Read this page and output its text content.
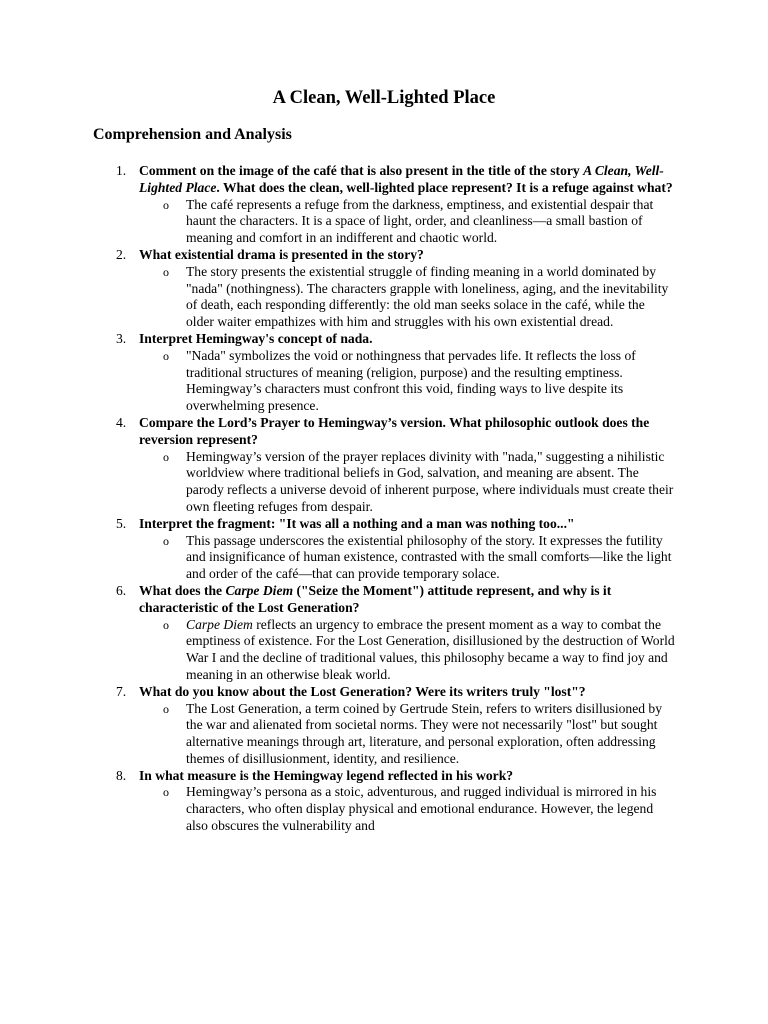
A Clean, Well-Lighted Place
Comprehension and Analysis
1. Comment on the image of the café that is also present in the title of the story A Clean, Well-Lighted Place. What does the clean, well-lighted place represent? It is a refuge against what?
o The café represents a refuge from the darkness, emptiness, and existential despair that haunt the characters. It is a space of light, order, and cleanliness—a small bastion of meaning and comfort in an indifferent and chaotic world.
2. What existential drama is presented in the story?
o The story presents the existential struggle of finding meaning in a world dominated by "nada" (nothingness). The characters grapple with loneliness, aging, and the inevitability of death, each responding differently: the old man seeks solace in the café, while the older waiter empathizes with him and struggles with his own existential dread.
3. Interpret Hemingway's concept of nada.
o "Nada" symbolizes the void or nothingness that pervades life. It reflects the loss of traditional structures of meaning (religion, purpose) and the resulting emptiness. Hemingway’s characters must confront this void, finding ways to live despite its overwhelming presence.
4. Compare the Lord’s Prayer to Hemingway’s version. What philosophic outlook does the reversion represent?
o Hemingway’s version of the prayer replaces divinity with "nada," suggesting a nihilistic worldview where traditional beliefs in God, salvation, and meaning are absent. The parody reflects a universe devoid of inherent purpose, where individuals must create their own fleeting refuges from despair.
5. Interpret the fragment: "It was all a nothing and a man was nothing too..."
o This passage underscores the existential philosophy of the story. It expresses the futility and insignificance of human existence, contrasted with the small comforts—like the light and order of the café—that can provide temporary solace.
6. What does the Carpe Diem ("Seize the Moment") attitude represent, and why is it characteristic of the Lost Generation?
o Carpe Diem reflects an urgency to embrace the present moment as a way to combat the emptiness of existence. For the Lost Generation, disillusioned by the destruction of World War I and the decline of traditional values, this philosophy became a way to find joy and meaning in an otherwise bleak world.
7. What do you know about the Lost Generation? Were its writers truly "lost"?
o The Lost Generation, a term coined by Gertrude Stein, refers to writers disillusioned by the war and alienated from societal norms. They were not necessarily "lost" but sought alternative meanings through art, literature, and personal exploration, often addressing themes of disillusionment, identity, and resilience.
8. In what measure is the Hemingway legend reflected in his work?
o Hemingway’s persona as a stoic, adventurous, and rugged individual is mirrored in his characters, who often display physical and emotional endurance. However, the legend also obscures the vulnerability and
